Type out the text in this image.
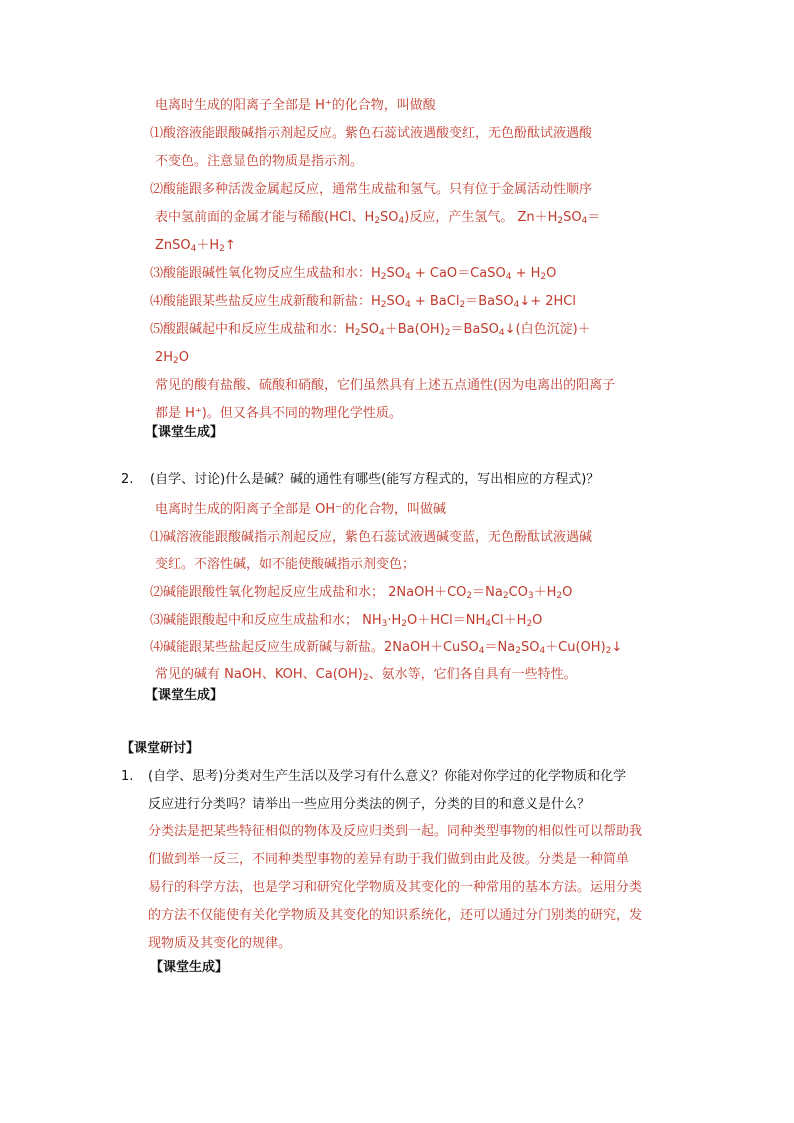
电离时生成的阳离子全部是 H⁺的化合物，叫做酸
⑴酸溶液能跟酸碱指示剂起反应。紫色石蕊试液遇酸变红，无色酚酞试液遇酸
不变色。注意显色的物质是指示剂。
⑵酸能跟多种活泼金属起反应，通常生成盐和氢气。只有位于金属活动性顺序
表中氢前面的金属才能与稀酸(HCl、$H_2SO_4$)反应，产生氢气。 $Zn+H_2SO_4=$
$ZnSO_4+H_2↑$
⑶酸能跟碱性氧化物反应生成盐和水：$H_2SO_4$ + CaO＝CaSO$_4$ + $H_2O$
⑷酸能跟某些盐反应生成新酸和新盐：$H_2SO_4$ + BaCl$_2$＝BaSO$_4$↓+ 2HCl
⑸酸跟碱起中和反应生成盐和水：$H_2SO_4+Ba(OH)_2=BaSO_4↓$(白色沉淀)＋
$2H_2O$
常见的酸有盐酸、硫酸和硝酸，它们虽然具有上述五点通性(因为电离出的阳离子
都是 H⁺)。但又各具不同的物理化学性质。
【课堂生成】
2. (自学、讨论)什么是碱？碱的通性有哪些(能写方程式的，写出相应的方程式)？
电离时生成的阳离子全部是 OH⁻的化合物，叫做碱
⑴碱溶液能跟酸碱指示剂起反应，紫色石蕊试液遇碱变蓝，无色酚酞试液遇碱
变红。不溶性碱，如不能使酸碱指示剂变色；
⑵碱能跟酸性氧化物起反应生成盐和水； $2NaOH+CO_2=Na_2CO_3+H_2O$
⑶碱能跟酸起中和反应生成盐和水； $NH_3\cdot H_2O+HCl=NH_4Cl+H_2O$
⑷碱能跟某些盐起反应生成新碱与新盐。$2NaOH+CuSO_4=Na_2SO_4+Cu(OH)_2↓$
常见的碱有 NaOH、KOH、$Ca(OH)_2$、氨水等，它们各自具有一些特性。
【课堂生成】
【课堂研讨】
1. (自学、思考)分类对生产生活以及学习有什么意义？你能对你学过的化学物质和化学
反应进行分类吗？请举出一些应用分类法的例子，分类的目的和意义是什么？
分类法是把某些特征相似的物体及反应归类到一起。同种类型事物的相似性可以帮助我
们做到举一反三，不同种类型事物的差异有助于我们做到由此及彼。分类是一种简单
易行的科学方法，也是学习和研究化学物质及其变化的一种常用的基本方法。运用分类
的方法不仅能使有关化学物质及其变化的知识系统化，还可以通过分门别类的研究，发
现物质及其变化的规律。
【课堂生成】
